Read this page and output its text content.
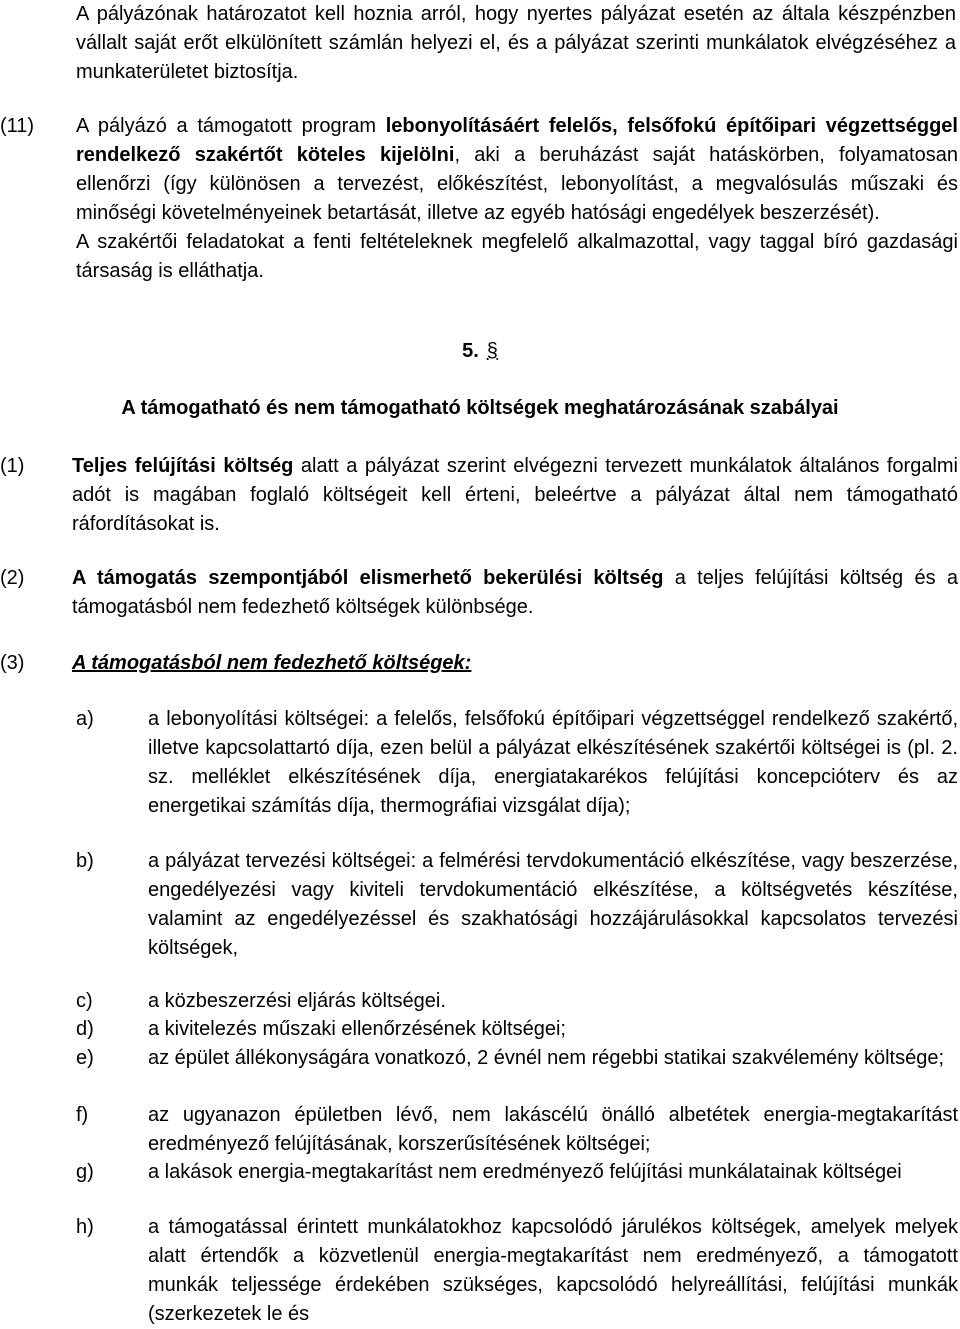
A pályázónak határozatot kell hoznia arról, hogy nyertes pályázat esetén az általa készpénzben vállalt saját erőt elkülönített számlán helyezi el, és a pályázat szerinti munkálatok elvégzéséhez a munkaterületet biztosítja.
(11) A pályázó a támogatott program lebonyolításáért felelős, felsőfokú építőipari végzettséggel rendelkező szakértőt köteles kijelölni, aki a beruházást saját hatáskörben, folyamatosan ellenőrzi (így különösen a tervezést, előkészítést, lebonyolítást, a megvalósulás műszaki és minőségi követelményeinek betartását, illetve az egyéb hatósági engedélyek beszerzését).
A szakértői feladatokat a fenti feltételeknek megfelelő alkalmazottal, vagy taggal bíró gazdasági társaság is elláthatja.
5. §
A támogatható és nem támogatható költségek meghatározásának szabályai
(1) Teljes felújítási költség alatt a pályázat szerint elvégezni tervezett munkálatok általános forgalmi adót is magában foglaló költségeit kell érteni, beleértve a pályázat által nem támogatható ráfordításokat is.
(2) A támogatás szempontjából elismerhető bekerülési költség a teljes felújítási költség és a támogatásból nem fedezhető költségek különbsége.
(3) A támogatásból nem fedezhető költségek:
a)	a lebonyolítási költségei: a felelős, felsőfokú építőipari végzettséggel rendelkező szakértő, illetve kapcsolattartó díja, ezen belül a pályázat elkészítésének szakértői költségei is (pl. 2. sz. melléklet elkészítésének díja, energiatakarékos felújítási koncepcióterv és az energetikai számítás díja, thermográfiai vizsgálat díja);
b)	a pályázat tervezési költségei: a felmérési tervdokumentáció elkészítése, vagy beszerzése, engedélyezési vagy kiviteli tervdokumentáció elkészítése, a költségvetés készítése, valamint az engedélyezéssel és szakhatósági hozzájárulásokkal kapcsolatos tervezési költségek,
c)	a közbeszerzési eljárás költségei.
d)	a kivitelezés műszaki ellenőrzésének költségei;
e)	az épület állékonyságára vonatkozó, 2 évnél nem régebbi statikai szakvélemény költsége;
f)	az ugyanazon épületben lévő, nem lakáscélú önálló albetétek energia-megtakarítást eredményező felújításának, korszerűsítésének költségei;
g)	a lakások energia-megtakarítást nem eredményező felújítási munkálatainak költségei
h)	a támogatással érintett munkálatokhoz kapcsolódó járulékos költségek, amelyek melyek alatt értendők a közvetlenül energia-megtakarítást nem eredményező, a támogatott munkák teljessége érdekében szükséges, kapcsolódó helyreállítási, felújítási munkák (szerkezetek le és
